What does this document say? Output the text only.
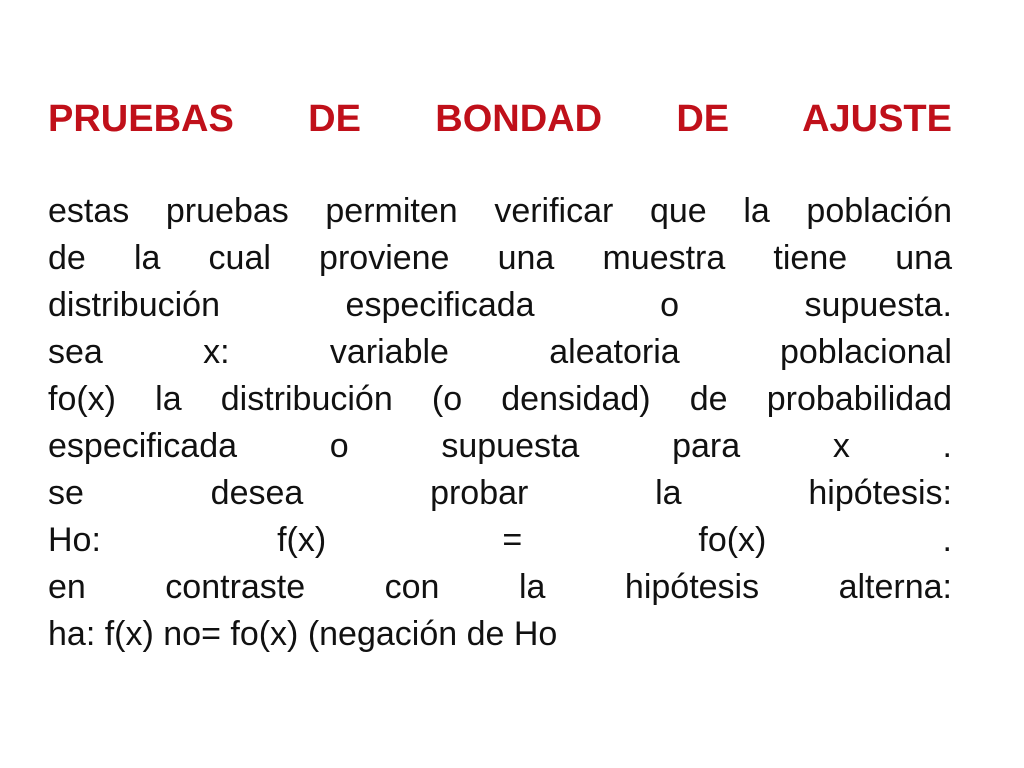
PRUEBAS DE BONDAD DE AJUSTE
estas pruebas permiten verificar que la población
de la cual proviene una muestra tiene una
distribución especificada o supuesta.
sea x: variable aleatoria poblacional
fo(x) la distribución (o densidad) de probabilidad
especificada o supuesta para x .
se desea probar la hipótesis:
Ho: f(x) = fo(x) .
en contraste con la hipótesis alterna:
ha: f(x) no= fo(x) (negación de Ho
